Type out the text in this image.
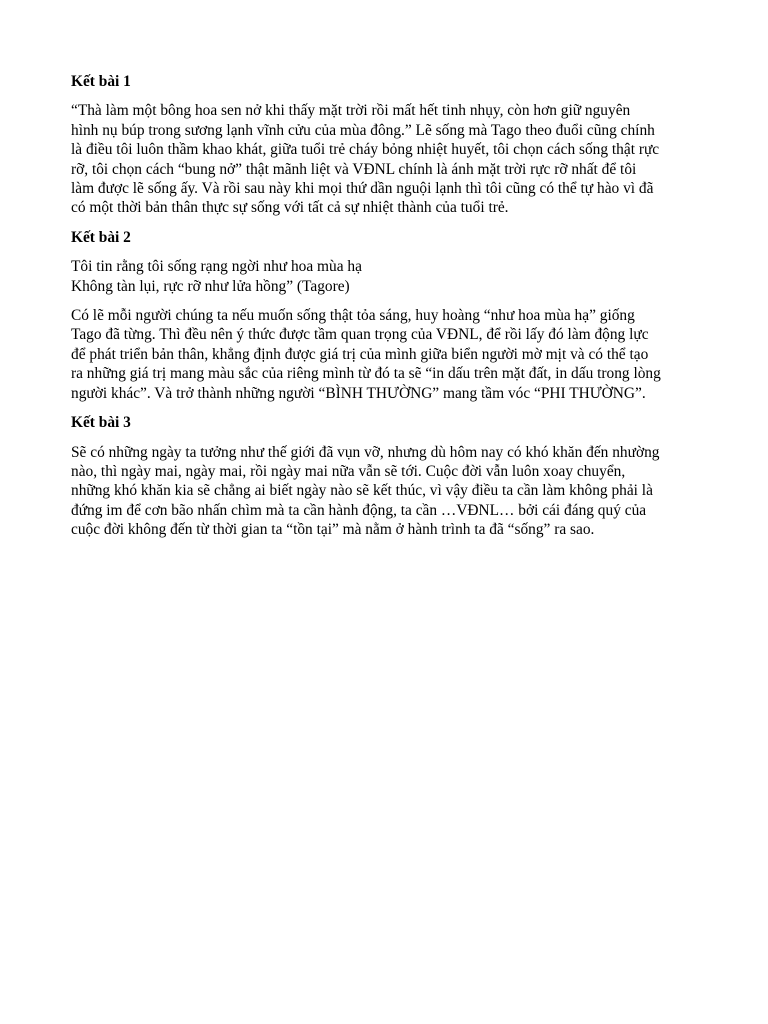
Kết bài 1
“Thà làm một bông hoa sen nở khi thấy mặt trời rồi mất hết tinh nhụy, còn hơn giữ nguyên
hình nụ búp trong sương lạnh vĩnh cửu của mùa đông.” Lẽ sống mà Tago theo đuổi cũng chính
là điều tôi luôn thầm khao khát, giữa tuổi trẻ cháy bỏng nhiệt huyết, tôi chọn cách sống thật rực
rỡ, tôi chọn cách “bung nở” thật mãnh liệt và VĐNL chính là ánh mặt trời rực rỡ nhất để tôi
làm được lẽ sống ấy. Và rồi sau này khi mọi thứ dần nguội lạnh thì tôi cũng có thể tự hào vì đã
có một thời bản thân thực sự sống với tất cả sự nhiệt thành của tuổi trẻ.
Kết bài 2
Tôi tin rằng tôi sống rạng ngời như hoa mùa hạ
Không tàn lụi, rực rỡ như lửa hồng” (Tagore)
Có lẽ mỗi người chúng ta nếu muốn sống thật tỏa sáng, huy hoàng “như hoa mùa hạ” giống
Tago đã từng. Thì đều nên ý thức được tầm quan trọng của VĐNL, để rồi lấy đó làm động lực
để phát triển bản thân, khẳng định được giá trị của mình giữa biển người mờ mịt và có thể tạo
ra những giá trị mang màu sắc của riêng mình từ đó ta sẽ “in dấu trên mặt đất, in dấu trong lòng
người khác”. Và trở thành những người “BÌNH THƯỜNG” mang tầm vóc “PHI THƯỜNG”.
Kết bài 3
Sẽ có những ngày ta tưởng như thế giới đã vụn vỡ, nhưng dù hôm nay có khó khăn đến nhường
nào, thì ngày mai, ngày mai, rồi ngày mai nữa vẫn sẽ tới. Cuộc đời vẫn luôn xoay chuyển,
những khó khăn kia sẽ chẳng ai biết ngày nào sẽ kết thúc, vì vậy điều ta cần làm không phải là
đứng im để cơn bão nhấn chìm mà ta cần hành động, ta cần …VĐNL… bởi cái đáng quý của
cuộc đời không đến từ thời gian ta “tồn tại” mà nằm ở hành trình ta đã “sống” ra sao.
